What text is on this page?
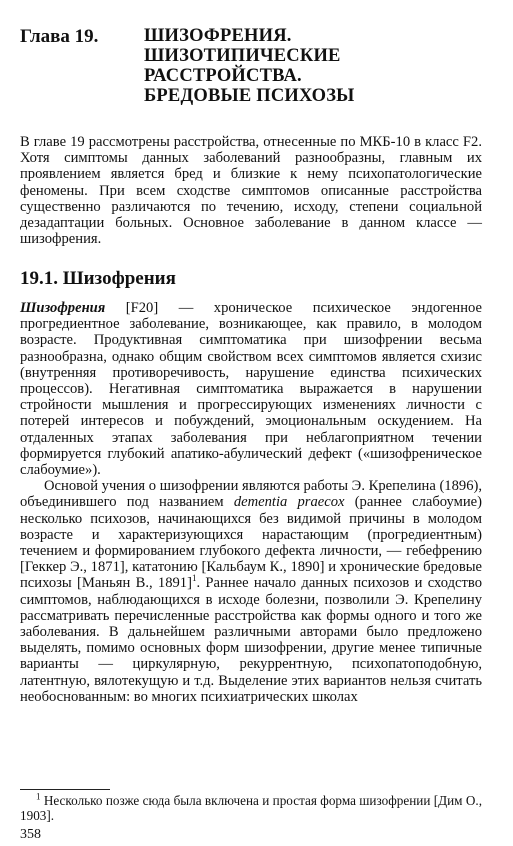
Глава 19. ШИЗОФРЕНИЯ.
ШИЗОТИПИЧЕСКИЕ
РАССТРОЙСТВА.
БРЕДОВЫЕ ПСИХОЗЫ
В главе 19 рассмотрены расстройства, отнесенные по МКБ-10 в класс F2. Хотя симптомы данных заболеваний разнообразны, главным их проявлением является бред и близкие к нему психопатологические феномены. При всем сходстве симптомов описанные расстройства существенно различаются по течению, исходу, степени социальной дезадаптации больных. Основное заболевание в данном классе — шизофрения.
19.1. Шизофрения

Шизофрения [F20] — хроническое психическое эндогенное прогредиентное заболевание, возникающее, как правило, в молодом возрасте. Продуктивная симптоматика при шизофрении весьма разнообразна, однако общим свойством всех симптомов является схизис (внутренняя противоречивость, нарушение единства психических процессов). Негативная симптоматика выражается в нарушении стройности мышления и прогрессирующих изменениях личности с потерей интересов и побуждений, эмоциональным оскудением. На отдаленных этапах заболевания при неблагоприятном течении формируется глубокий апатико-абулический дефект («шизофреническое слабоумие»).

Основой учения о шизофрении являются работы Э. Крепелина (1896), объединившего под названием dementia praecox (раннее слабоумие) несколько психозов, начинающихся без видимой причины в молодом возрасте и характеризующихся нарастающим (прогредиентным) течением и формированием глубокого дефекта личности, — гебефрению [Геккер Э., 1871], кататонию [Кальбаум К., 1890] и хронические бредовые психозы [Маньян В., 1891]$^1$. Раннее начало данных психозов и сходство симптомов, наблюдающихся в исходе болезни, позволили Э. Крепелину рассматривать перечисленные расстройства как формы одного и того же заболевания. В дальнейшем различными авторами было предложено выделять, помимо основных форм шизофрении, другие менее типичные варианты — циркулярную, рекуррентную, психопатоподобную, латентную, вялотекущую и т.д. Выделение этих вариантов нельзя считать необоснованным: во многих психиатрических школах

$^1$ Несколько позже сюда была включена и простая форма шизофрении [Дим О., 1903].
358
